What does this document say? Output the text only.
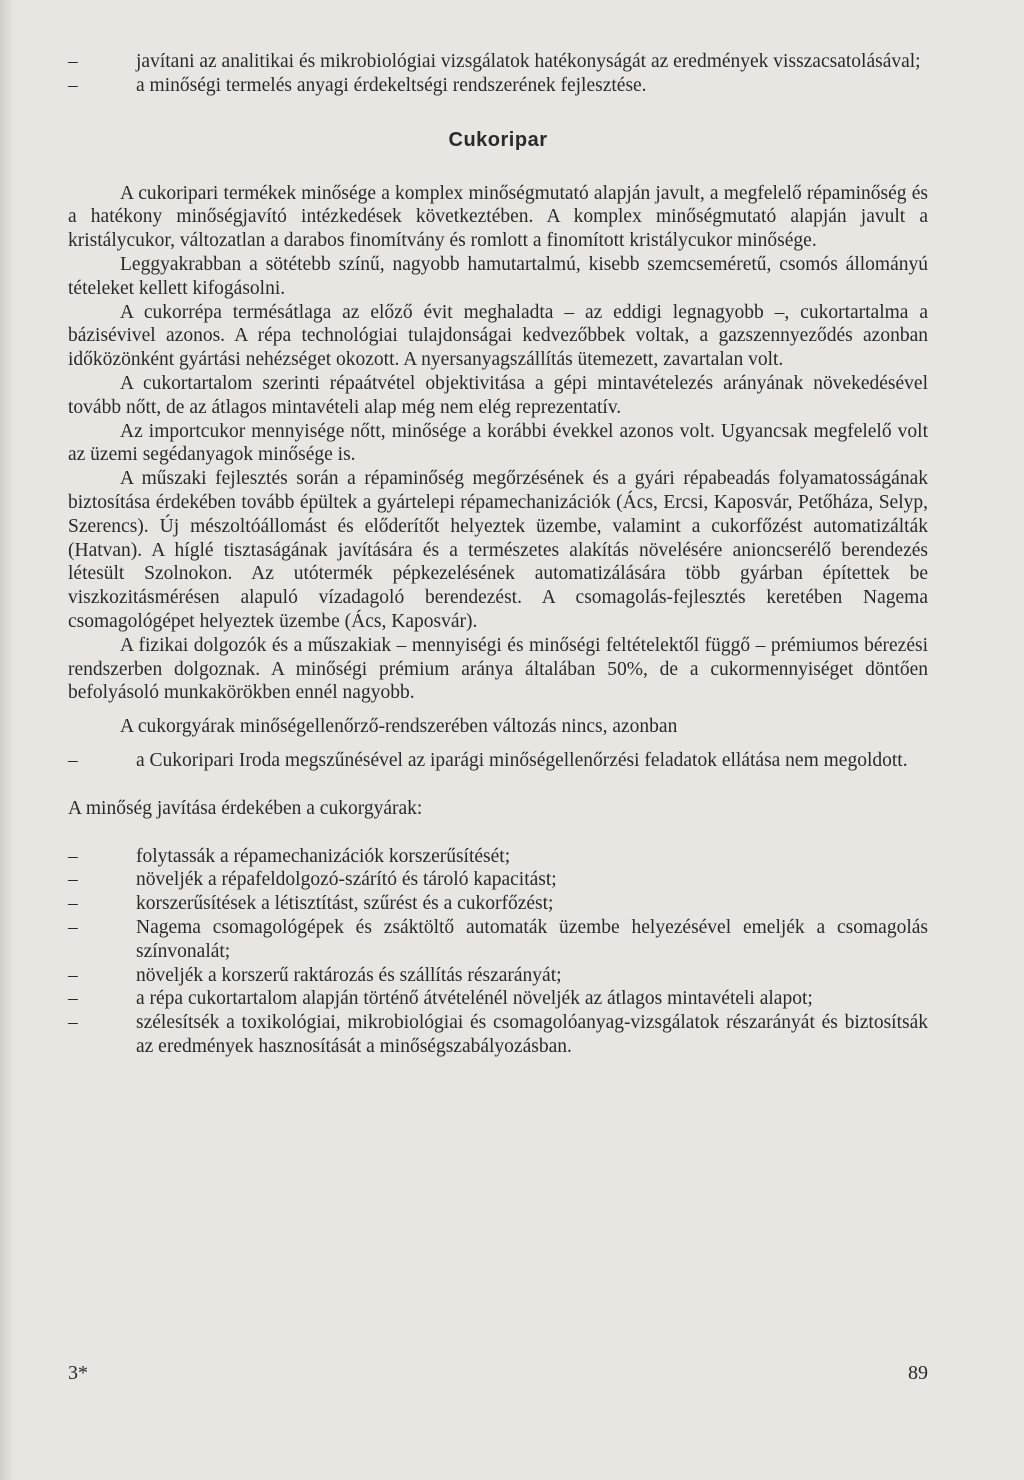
–	javítani az analitikai és mikrobiológiai vizsgálatok hatékonyságát az eredmények visszacsatolásával;

–	a minőségi termelés anyagi érdekeltségi rendszerének fejlesztése.

Cukoripar

A cukoripari termékek minősége a komplex minőségmutató alapján javult, a megfelelő répaminőség és a hatékony minőségjavító intézkedések következtében. A komplex minőségmutató alapján javult a kristálycukor, változatlan a darabos finomítvány és romlott a finomított kristálycukor minősége.

Leggyakrabban a sötétebb színű, nagyobb hamutartalmú, kisebb szemcseméretű, csomós állományú tételeket kellett kifogásolni.

A cukorrépa termésátlaga az előző évit meghaladta – az eddigi legnagyobb –, cukortartalma a bázisévivel azonos. A répa technológiai tulajdonságai kedvezőbbek voltak, a gazszennyeződés azonban időközönként gyártási nehézséget okozott. A nyersanyagszállítás ütemezett, zavartalan volt.

A cukortartalom szerinti répaátvétel objektivitása a gépi mintavételezés arányának növekedésével tovább nőtt, de az átlagos mintavételi alap még nem elég reprezentatív.

Az importcukor mennyisége nőtt, minősége a korábbi évekkel azonos volt. Ugyancsak megfelelő volt az üzemi segédanyagok minősége is.

A műszaki fejlesztés során a répaminőség megőrzésének és a gyári répabeadás folyamatosságának biztosítása érdekében tovább épültek a gyártelepi répamechanizációk (Ács, Ercsi, Kaposvár, Petőháza, Selyp, Szerencs). Új mészoltóállomást és előderítőt helyeztek üzembe, valamint a cukorfőzést automatizálták (Hatvan). A híglé tisztaságának javítására és a természetes alakítás növelésére anioncserélő berendezés létesült Szolnokon. Az utótermék pépkezelésének automatizálására több gyárban építettek be viszkozitásmérésen alapuló vízadagoló berendezést. A csomagolás-fejlesztés keretében Nagema csomagológépet helyeztek üzembe (Ács, Kaposvár).

A fizikai dolgozók és a műszakiak – mennyiségi és minőségi feltételektől függő – prémiumos bérezési rendszerben dolgoznak. A minőségi prémium aránya általában 50%, de a cukormennyiséget döntően befolyásoló munkakörökben ennél nagyobb.

A cukorgyárak minőségellenőrző-rendszerében változás nincs, azonban

–	a Cukoripari Iroda megszűnésével az iparági minőségellenőrzési feladatok ellátása nem megoldott.

A minőség javítása érdekében a cukorgyárak:

–	folytassák a répamechanizációk korszerűsítését;

–	növeljék a répafeldolgozó-szárító és tároló kapacitást;

–	korszerűsítések a létisztítást, szűrést és a cukorfőzést;

–	Nagema csomagológépek és zsáktöltő automaták üzembe helyezésével emeljék a csomagolás színvonalát;

–	növeljék a korszerű raktározás és szállítás részarányát;

–	a répa cukortartalom alapján történő átvételénél növeljék az átlagos mintavételi alapot;

–	szélesítsék a toxikológiai, mikrobiológiai és csomagolóanyag-vizsgálatok részarányát és biztosítsák az eredmények hasznosítását a minőségszabályozásban.

3*	89
